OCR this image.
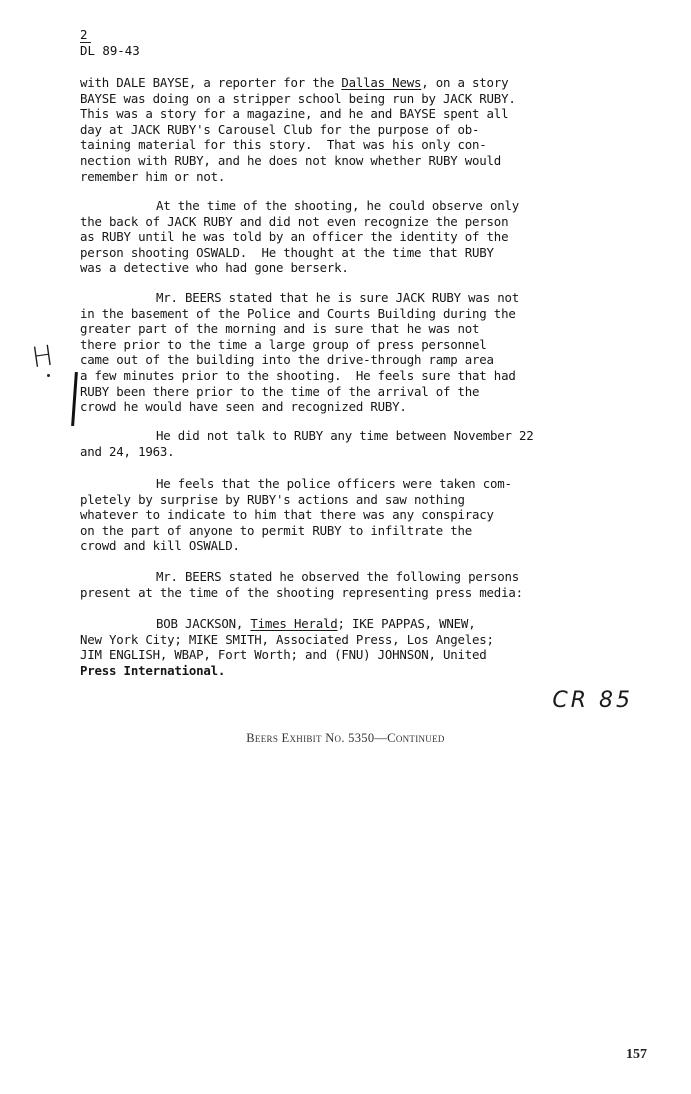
2
DL 89-43
H
with DALE BAYSE, a reporter for the Dallas News, on a story
BAYSE was doing on a stripper school being run by JACK RUBY.
This was a story for a magazine, and he and BAYSE spent all
day at JACK RUBY's Carousel Club for the purpose of ob-
taining material for this story.  That was his only con-
nection with RUBY, and he does not know whether RUBY would
remember him or not.
At the time of the shooting, he could observe only
the back of JACK RUBY and did not even recognize the person
as RUBY until he was told by an officer the identity of the
person shooting OSWALD.  He thought at the time that RUBY
was a detective who had gone berserk.
Mr. BEERS stated that he is sure JACK RUBY was not
in the basement of the Police and Courts Building during the
greater part of the morning and is sure that he was not
there prior to the time a large group of press personnel
came out of the building into the drive-through ramp area
a few minutes prior to the shooting.  He feels sure that had
RUBY been there prior to the time of the arrival of the
crowd he would have seen and recognized RUBY.
He did not talk to RUBY any time between November 22
and 24, 1963.
He feels that the police officers were taken com-
pletely by surprise by RUBY's actions and saw nothing
whatever to indicate to him that there was any conspiracy
on the part of anyone to permit RUBY to infiltrate the
crowd and kill OSWALD.
Mr. BEERS stated he observed the following persons
present at the time of the shooting representing press media:
BOB JACKSON, Times Herald; IKE PAPPAS, WNEW,
New York City; MIKE SMITH, Associated Press, Los Angeles;
JIM ENGLISH, WBAP, Fort Worth; and (FNU) JOHNSON, United
Press International.
CR 85
Beers Exhibit No. 5350—Continued
157
